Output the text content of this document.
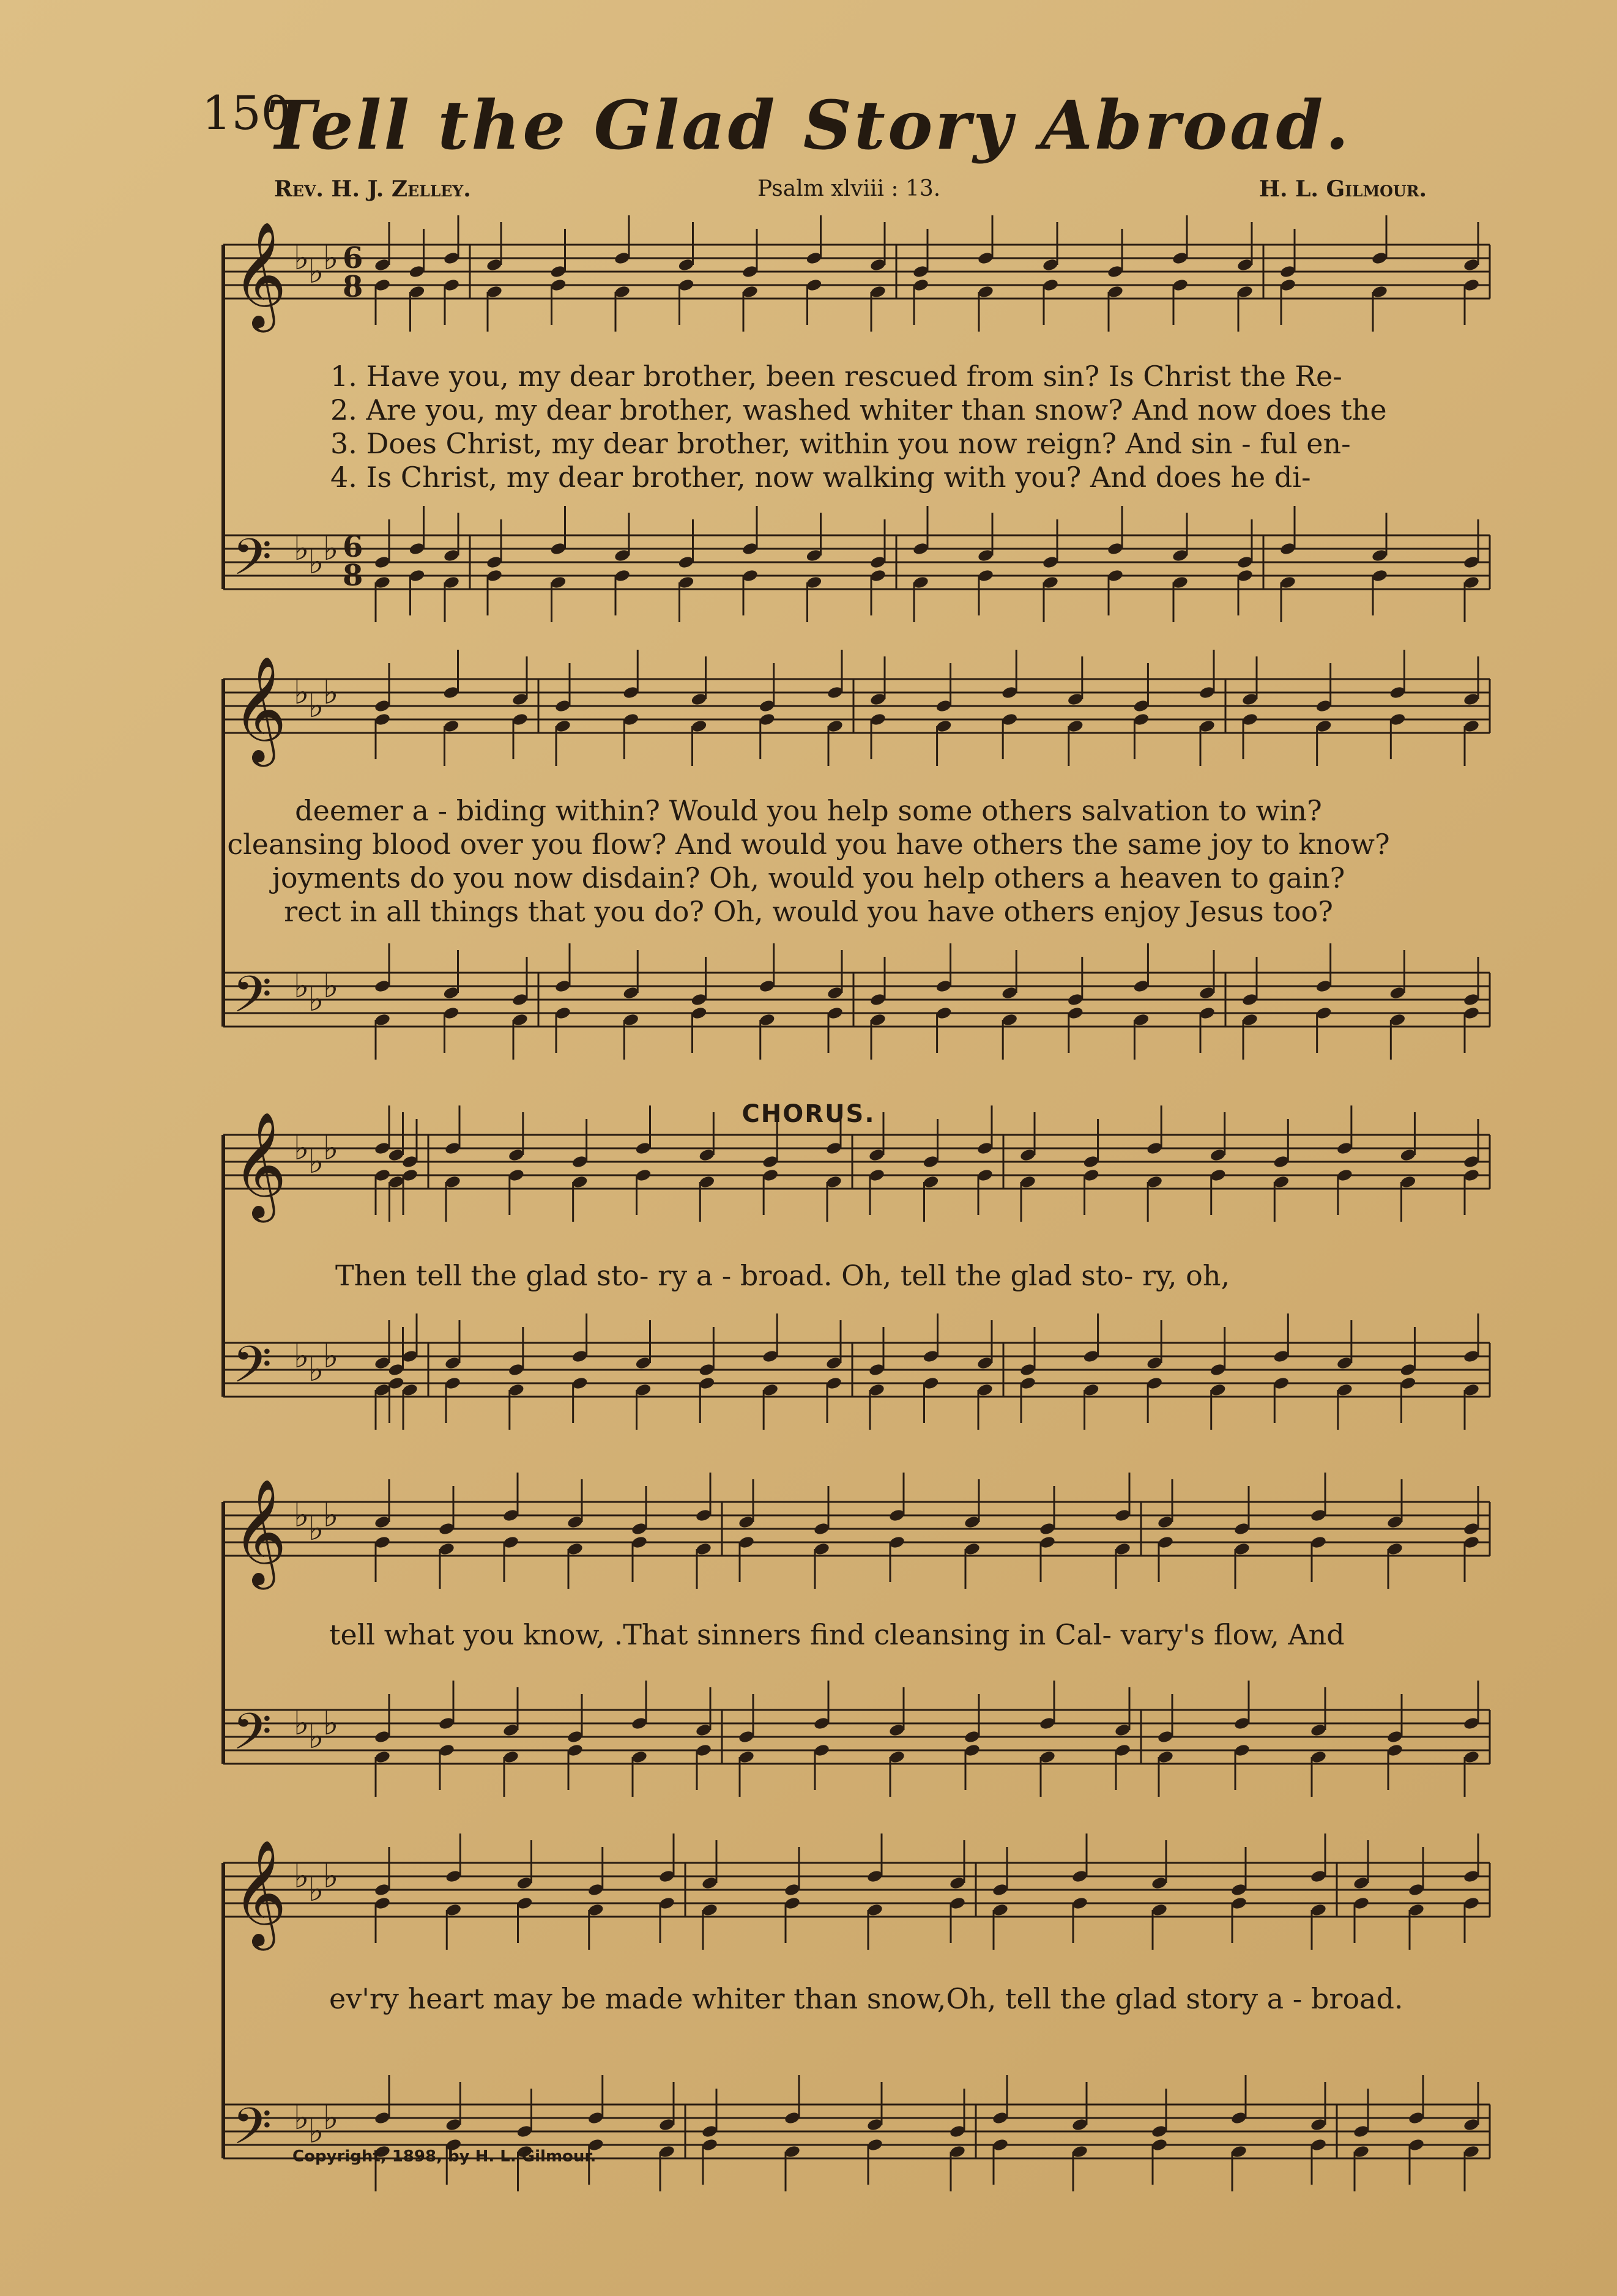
𝄞 ♭
♭
♭
𝄢 ♭
♭
♭
𝄞 ♭
♭
♭
𝄢 ♭
♭
♭
𝄞 ♭
♭
♭
𝄢 ♭
♭
♭
𝄞 ♭
♭
♭
𝄢 ♭
♭
♭
𝄞 ♭
♭
♭
𝄢 ♭
♭
♭
6
8
6
8
150
Tell the Glad Story Abroad.
Rev. H. J. Zelley.	Psalm xlviii : 13.	H. L. Gilmour.
1. Have you, my dear brother, been rescued from sin? Is Christ the Re-
2. Are you, my dear brother, washed whiter than snow? And now does the
3. Does Christ, my dear brother, within you now reign? And sin - ful en-
4. Is Christ, my dear brother, now walking with you? And does he di-
deemer a - biding within? Would you help some others salvation to win?
cleansing blood over you flow? And would you have others the same joy to know?
joyments do you now disdain? Oh, would you help others a heaven to gain?
rect in all things that you do? Oh, would you have others enjoy Jesus too?
CHORUS.
Then tell the glad sto- ry a - broad. Oh, tell the glad sto- ry, oh,
tell what you know, .That sinners find cleansing in Cal- vary's flow, And
ev'ry heart may be made whiter than snow,Oh, tell the glad story a - broad.
Copyright, 1898, by H. L. Gilmour.
